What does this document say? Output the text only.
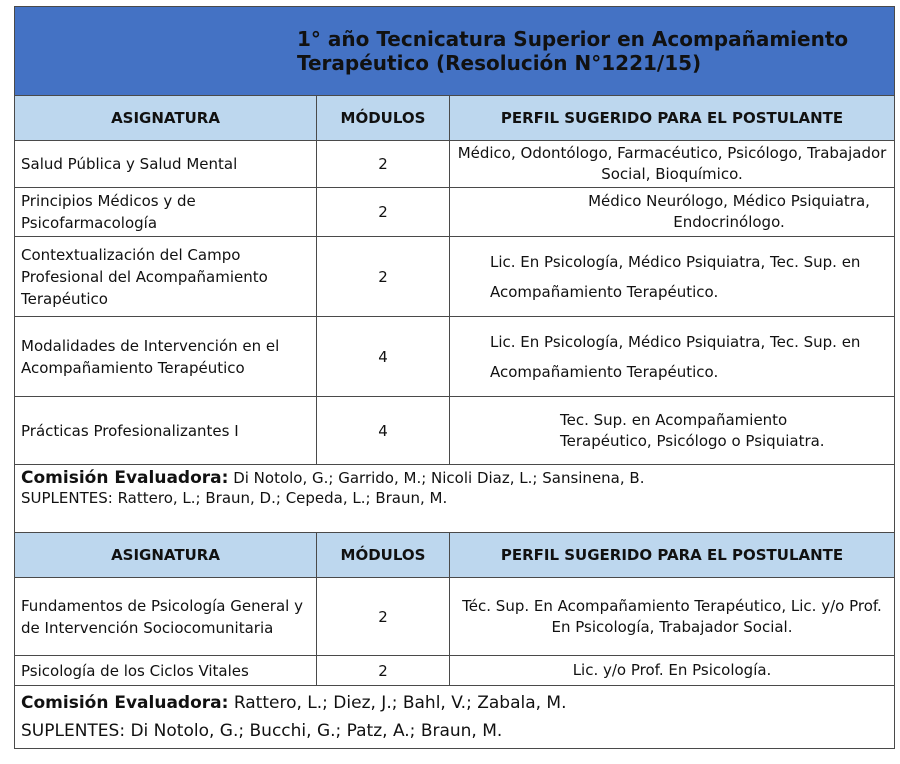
1° año Tecnicatura Superior en Acompañamiento Terapéutico (Resolución N°1221/15)		
ASIGNATURA	MÓDULOS	PERFIL SUGERIDO PARA EL POSTULANTE
Salud Pública y Salud Mental	2	Médico, Odontólogo, Farmacéutico, Psicólogo, Trabajador Social, Bioquímico.
Principios Médicos y de Psicofarmacología	2	Médico Neurólogo, Médico Psiquiatra, Endocrinólogo.
Contextualización del Campo Profesional del Acompañamiento Terapéutico	2	Lic. En Psicología, Médico Psiquiatra, Tec. Sup. en Acompañamiento Terapéutico.
Modalidades de Intervención en el Acompañamiento Terapéutico	4	Lic. En Psicología, Médico Psiquiatra, Tec. Sup. en Acompañamiento Terapéutico.
Prácticas Profesionalizantes I	4	Tec. Sup. en Acompañamiento Terapéutico, Psicólogo o Psiquiatra.
Comisión Evaluadora: Di Notolo, G.; Garrido, M.; Nicoli Diaz, L.; Sansinena, B.
SUPLENTES: Rattero, L.; Braun, D.; Cepeda, L.; Braun, M.		
ASIGNATURA	MÓDULOS	PERFIL SUGERIDO PARA EL POSTULANTE
Fundamentos de Psicología General y de Intervención Sociocomunitaria	2	Téc. Sup. En Acompañamiento Terapéutico, Lic. y/o Prof. En Psicología, Trabajador Social.
Psicología de los Ciclos Vitales	2	Lic. y/o Prof. En Psicología.
Comisión Evaluadora: Rattero, L.; Diez, J.; Bahl, V.; Zabala, M.
SUPLENTES: Di Notolo, G.; Bucchi, G.; Patz, A.; Braun, M.		
